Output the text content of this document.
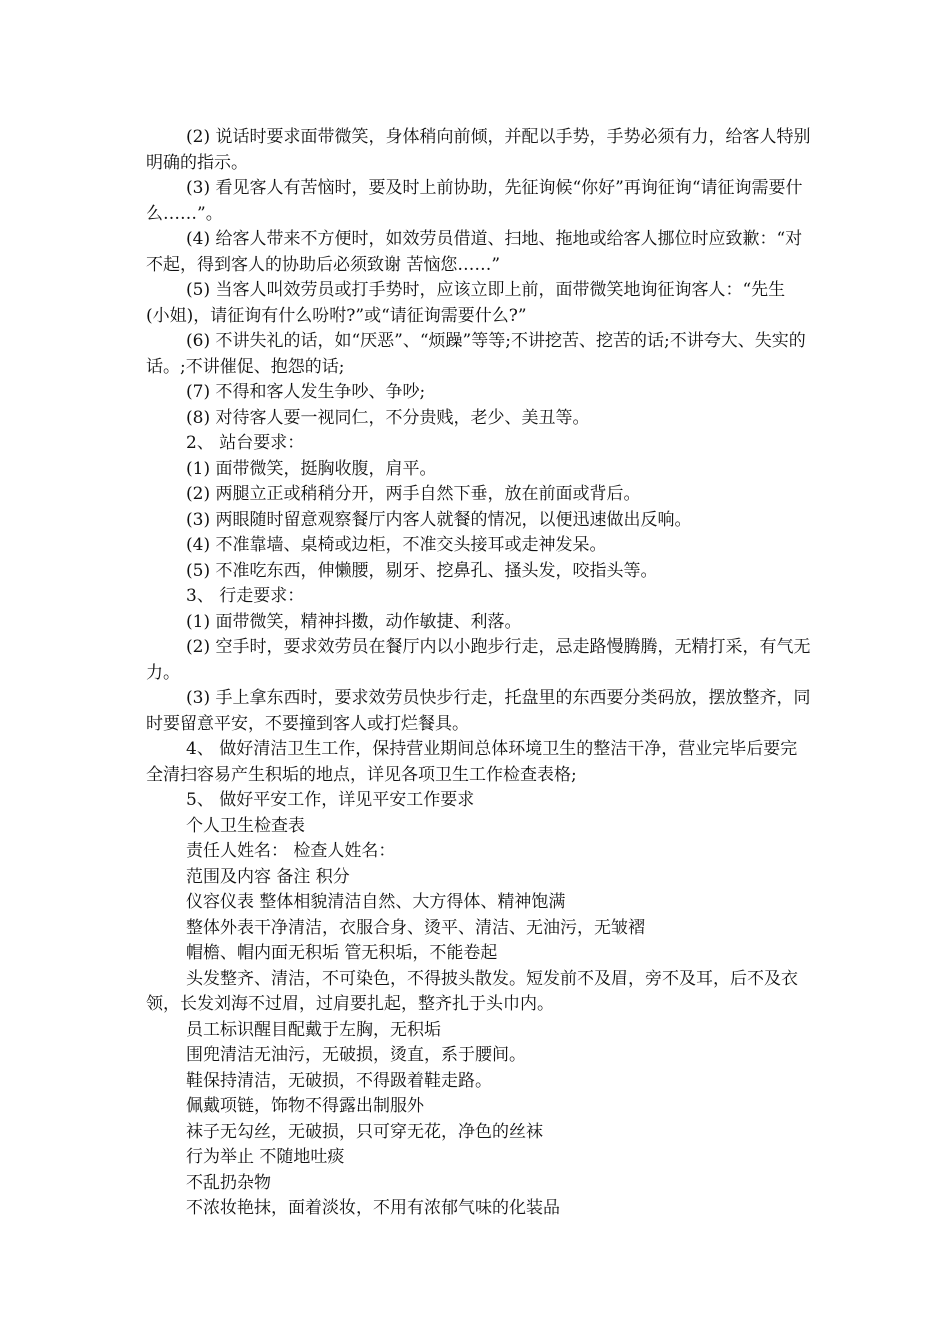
(2) 说话时要求面带微笑，身体稍向前倾，并配以手势，手势必须有力，给客人特别明确的指示。

(3) 看见客人有苦恼时，要及时上前协助，先征询候“你好”再询征询“请征询需要什么……”。

(4) 给客人带来不方便时，如效劳员借道、扫地、拖地或给客人挪位时应致歉：“对不起，得到客人的协助后必须致谢 苦恼您……”

(5) 当客人叫效劳员或打手势时，应该立即上前，面带微笑地询征询客人：“先生 (小姐)，请征询有什么吩咐?”或“请征询需要什么?”

(6) 不讲失礼的话，如“厌恶”、“烦躁”等等;不讲挖苦、挖苦的话;不讲夸大、失实的话。;不讲催促、抱怨的话;

(7) 不得和客人发生争吵、争吵;

(8) 对待客人要一视同仁，不分贵贱，老少、美丑等。

2、 站台要求：

(1) 面带微笑，挺胸收腹，肩平。

(2) 两腿立正或稍稍分开，两手自然下垂，放在前面或背后。

(3) 两眼随时留意观察餐厅内客人就餐的情况，以便迅速做出反响。

(4) 不准靠墙、桌椅或边柜，不准交头接耳或走神发呆。

(5) 不准吃东西，伸懒腰，剔牙、挖鼻孔、搔头发，咬指头等。

3、 行走要求：

(1) 面带微笑，精神抖擞，动作敏捷、利落。

(2) 空手时，要求效劳员在餐厅内以小跑步行走，忌走路慢腾腾，无精打采，有气无力。

(3) 手上拿东西时，要求效劳员快步行走，托盘里的东西要分类码放，摆放整齐，同时要留意平安，不要撞到客人或打烂餐具。

4、 做好清洁卫生工作，保持营业期间总体环境卫生的整洁干净，营业完毕后要完全清扫容易产生积垢的地点，详见各项卫生工作检查表格;

5、 做好平安工作，详见平安工作要求

个人卫生检查表

责任人姓名： 检查人姓名：

范围及内容 备注 积分

仪容仪表 整体相貌清洁自然、大方得体、精神饱满

整体外表干净清洁，衣服合身、烫平、清洁、无油污，无皱褶

帽檐、帽内面无积垢 管无积垢，不能卷起

头发整齐、清洁，不可染色，不得披头散发。短发前不及眉，旁不及耳，后不及衣领，长发刘海不过眉，过肩要扎起，整齐扎于头巾内。

员工标识醒目配戴于左胸，无积垢

围兜清洁无油污，无破损，烫直，系于腰间。

鞋保持清洁，无破损，不得趿着鞋走路。

佩戴项链，饰物不得露出制服外

袜子无勾丝，无破损，只可穿无花，净色的丝袜

行为举止 不随地吐痰

不乱扔杂物

不浓妆艳抹，面着淡妆，不用有浓郁气味的化装品
